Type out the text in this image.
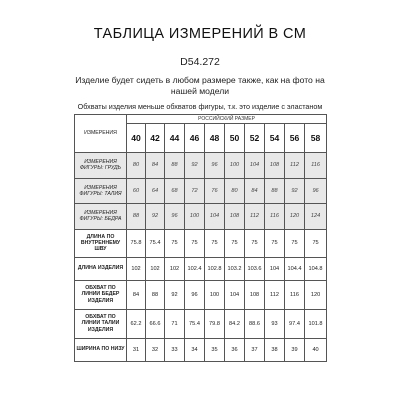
ТАБЛИЦА ИЗМЕРЕНИЙ В СМ
D54.272
Изделие будет сидеть в любом размере также, как на фото на
нашей модели
Обхваты изделия меньше обхватов фигуры, т.к. это изделие с эластаном
ИЗМЕРЕНИЯ	РОССИЙСКИЙ РАЗМЕР									
	40	42	44	46	48	50	52	54	56	58
ИЗМЕРЕНИЯ ФИГУРЫ: ГРУДЬ	80	84	88	92	96	100	104	108	112	116
ИЗМЕРЕНИЯ ФИГУРЫ: ТАЛИЯ	60	64	68	72	76	80	84	88	92	96
ИЗМЕРЕНИЯ ФИГУРЫ: БЕДРА	88	92	96	100	104	108	112	116	120	124
ДЛИНА ПО ВНУТРЕННЕМУ ШВУ	75.8	75.4	75	75	75	75	75	75	75	75
ДЛИНА ИЗДЕЛИЯ	102	102	102	102.4	102.8	103.2	103.6	104	104.4	104.8
ОБХВАТ ПО ЛИНИИ БЕДЕР ИЗДЕЛИЯ	84	88	92	96	100	104	108	112	116	120
ОБХВАТ ПО ЛИНИИ ТАЛИИ ИЗДЕЛИЯ	62.2	66.6	71	75.4	79.8	84.2	88.6	93	97.4	101.8
ШИРИНА ПО НИЗУ	31	32	33	34	35	36	37	38	39	40
